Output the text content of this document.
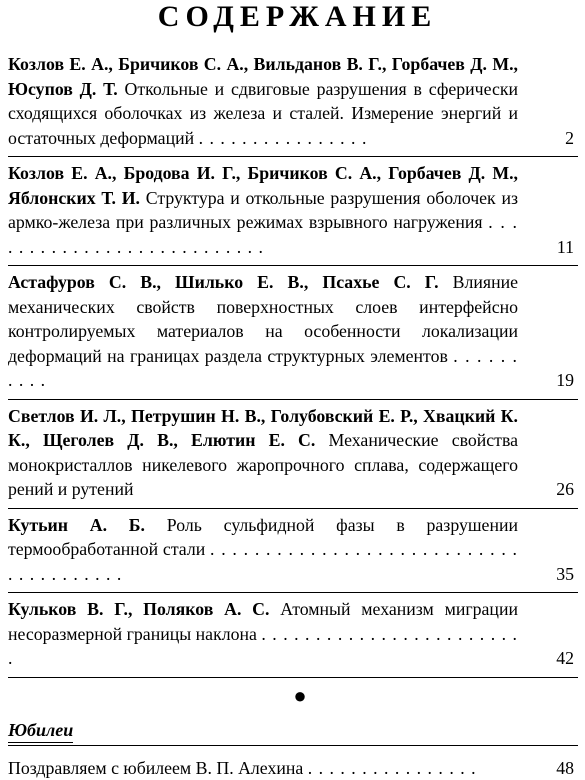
СОДЕРЖАНИЕ
Козлов Е. А., Бричиков С. А., Вильданов В. Г., Горбачев Д. М., Юсупов Д. Т. Откольные и сдвиговые разрушения в сферически сходящихся оболочках из железа и сталей. Измерение энергий и остаточных деформаций . . . . . . . . . . . . . . . .	2
Козлов Е. А., Бродова И. Г., Бричиков С. А., Горбачев Д. М., Яблонских Т. И. Структура и откольные разрушения оболочек из армко-железа при различных режимах взрывного нагружения . . . . . . . . . . . . . . . . . . . . . . . . . . .	11
Астафуров С. В., Шилько Е. В., Псахье С. Г. Влияние механических свойств поверхностных слоев интерфейсно контролируемых материалов на особенности локализации деформаций на границах раздела структурных элементов . . . . . . . . . .	19
Светлов И. Л., Петрушин Н. В., Голубовский Е. Р., Хвацкий К. К., Щеголев Д. В., Елютин Е. С. Механические свойства монокристаллов никелевого жаропрочного сплава, содержащего рений и рутений	26
Кутьин А. Б. Роль сульфидной фазы в разрушении термообработанной стали . . . . . . . . . . . . . . . . . . . . . . . . . . . . . . . . . . . . . . .	35
Кульков В. Г., Поляков А. С. Атомный механизм миграции несоразмерной границы наклона . . . . . . . . . . . . . . . . . . . . . . . . .	42
●
Юбилеи
Поздравляем с юбилеем В. П. Алехина . . . . . . . . . . . . . . . .	48
